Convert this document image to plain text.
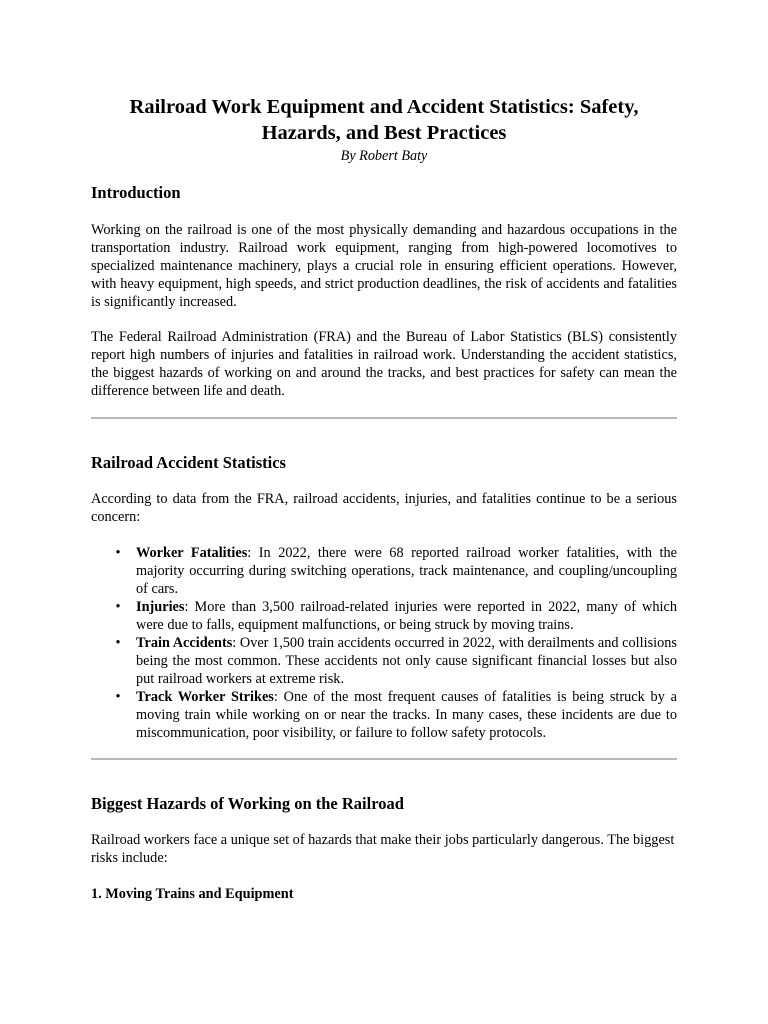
Railroad Work Equipment and Accident Statistics: Safety, Hazards, and Best Practices
By Robert Baty
Introduction

Working on the railroad is one of the most physically demanding and hazardous occupations in the transportation industry. Railroad work equipment, ranging from high-powered locomotives to specialized maintenance machinery, plays a crucial role in ensuring efficient operations. However, with heavy equipment, high speeds, and strict production deadlines, the risk of accidents and fatalities is significantly increased.

The Federal Railroad Administration (FRA) and the Bureau of Labor Statistics (BLS) consistently report high numbers of injuries and fatalities in railroad work. Understanding the accident statistics, the biggest hazards of working on and around the tracks, and best practices for safety can mean the difference between life and death.

Railroad Accident Statistics

According to data from the FRA, railroad accidents, injuries, and fatalities continue to be a serious concern:

• Worker Fatalities: In 2022, there were 68 reported railroad worker fatalities, with the majority occurring during switching operations, track maintenance, and coupling/uncoupling of cars.
• Injuries: More than 3,500 railroad-related injuries were reported in 2022, many of which were due to falls, equipment malfunctions, or being struck by moving trains.
• Train Accidents: Over 1,500 train accidents occurred in 2022, with derailments and collisions being the most common. These accidents not only cause significant financial losses but also put railroad workers at extreme risk.
• Track Worker Strikes: One of the most frequent causes of fatalities is being struck by a moving train while working on or near the tracks. In many cases, these incidents are due to miscommunication, poor visibility, or failure to follow safety protocols.
Biggest Hazards of Working on the Railroad

Railroad workers face a unique set of hazards that make their jobs particularly dangerous. The biggest risks include:

1. Moving Trains and Equipment
